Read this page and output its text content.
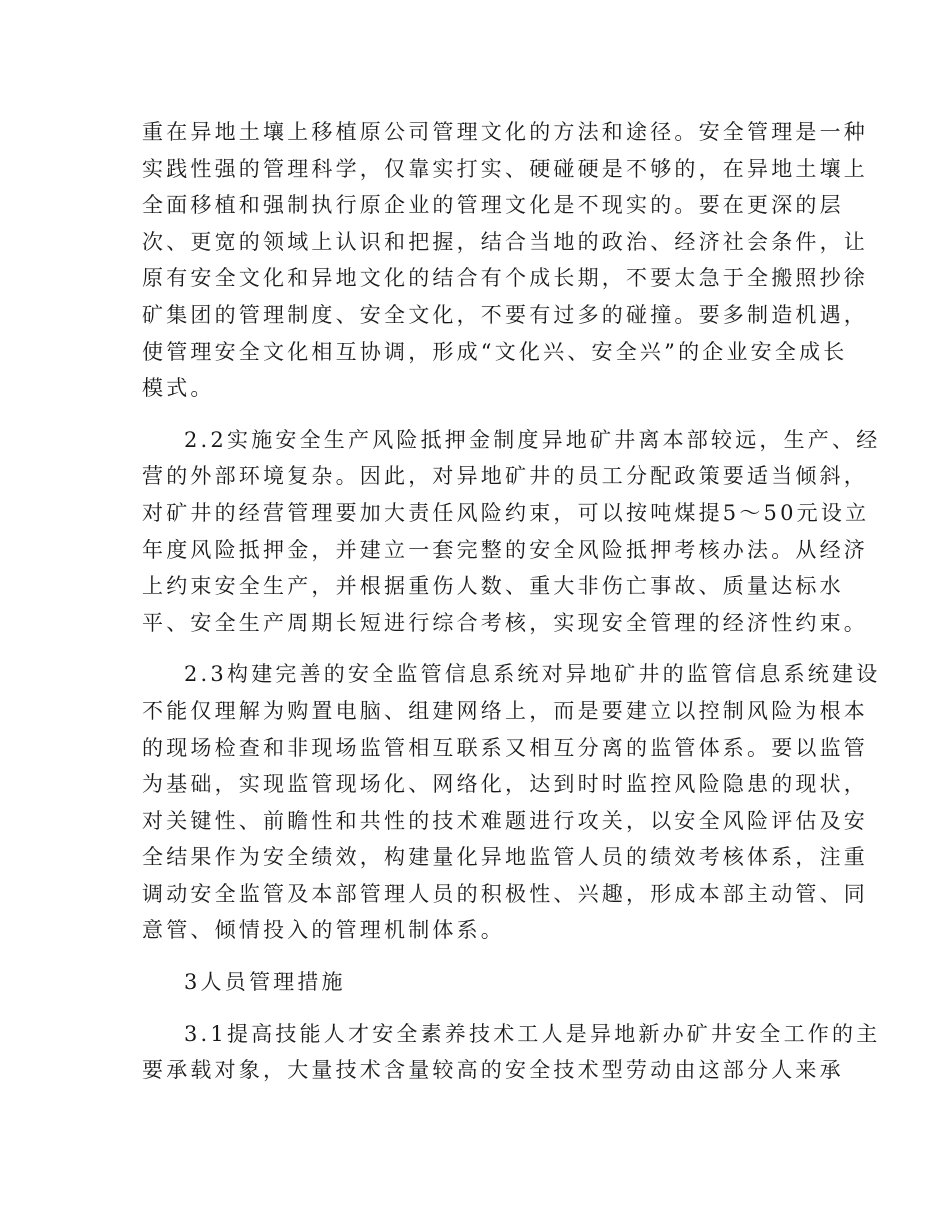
重在异地土壤上移植原公司管理文化的方法和途径。安全管理是一种
实践性强的管理科学，仅靠实打实、硬碰硬是不够的，在异地土壤上
全面移植和强制执行原企业的管理文化是不现实的。要在更深的层
次、更宽的领域上认识和把握，结合当地的政治、经济社会条件，让
原有安全文化和异地文化的结合有个成长期，不要太急于全搬照抄徐
矿集团的管理制度、安全文化，不要有过多的碰撞。要多制造机遇，
使管理安全文化相互协调，形成“文化兴、安全兴”的企业安全成长
模式。
2.2实施安全生产风险抵押金制度异地矿井离本部较远，生产、经
营的外部环境复杂。因此，对异地矿井的员工分配政策要适当倾斜，
对矿井的经营管理要加大责任风险约束，可以按吨煤提5～50元设立
年度风险抵押金，并建立一套完整的安全风险抵押考核办法。从经济
上约束安全生产，并根据重伤人数、重大非伤亡事故、质量达标水
平、安全生产周期长短进行综合考核，实现安全管理的经济性约束。
2.3构建完善的安全监管信息系统对异地矿井的监管信息系统建设
不能仅理解为购置电脑、组建网络上，而是要建立以控制风险为根本
的现场检查和非现场监管相互联系又相互分离的监管体系。要以监管
为基础，实现监管现场化、网络化，达到时时监控风险隐患的现状，
对关键性、前瞻性和共性的技术难题进行攻关，以安全风险评估及安
全结果作为安全绩效，构建量化异地监管人员的绩效考核体系，注重
调动安全监管及本部管理人员的积极性、兴趣，形成本部主动管、同
意管、倾情投入的管理机制体系。
3人员管理措施
3.1提高技能人才安全素养技术工人是异地新办矿井安全工作的主
要承载对象，大量技术含量较高的安全技术型劳动由这部分人来承
